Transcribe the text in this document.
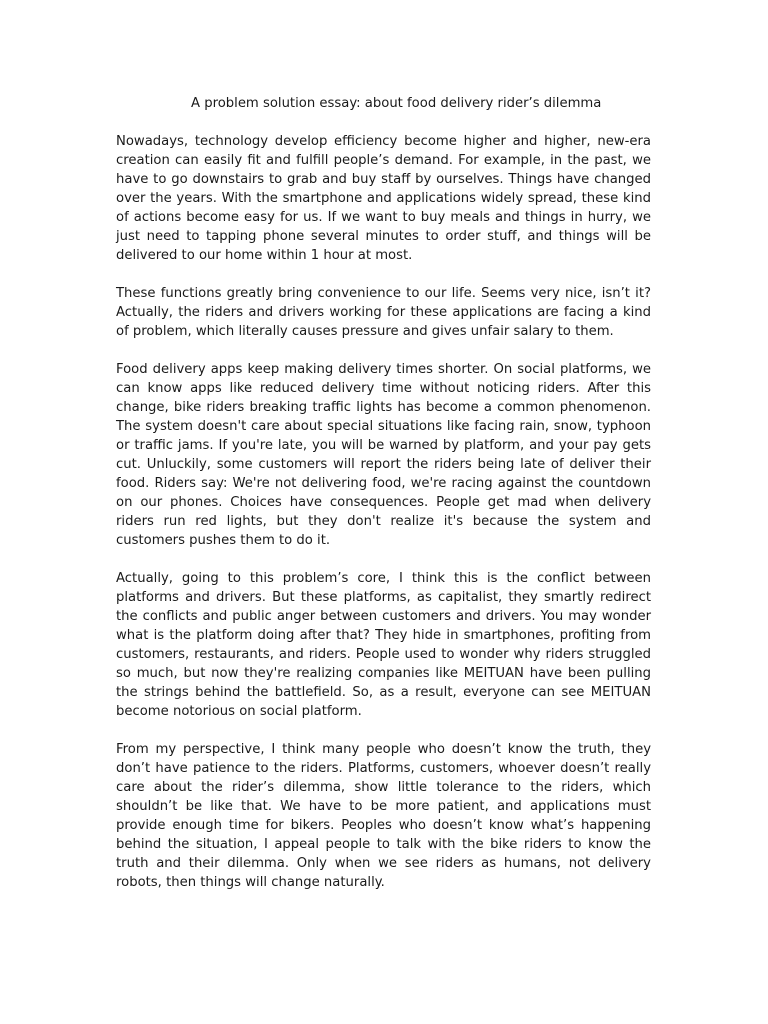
A problem solution essay: about food delivery rider’s dilemma

Nowadays, technology develop efficiency become higher and higher, new-era creation can easily fit and fulfill people’s demand. For example, in the past, we have to go downstairs to grab and buy staff by ourselves. Things have changed over the years. With the smartphone and applications widely spread, these kind of actions become easy for us. If we want to buy meals and things in hurry, we just need to tapping phone several minutes to order stuff, and things will be delivered to our home within 1 hour at most.

These functions greatly bring convenience to our life. Seems very nice, isn’t it? Actually, the riders and drivers working for these applications are facing a kind of problem, which literally causes pressure and gives unfair salary to them.

Food delivery apps keep making delivery times shorter. On social platforms, we can know apps like reduced delivery time without noticing riders. After this change, bike riders breaking traffic lights has become a common phenomenon. The system doesn't care about special situations like facing rain, snow, typhoon or traffic jams. If you're late, you will be warned by platform, and your pay gets cut. Unluckily, some customers will report the riders being late of deliver their food. Riders say: We're not delivering food, we're racing against the countdown on our phones. Choices have consequences. People get mad when delivery riders run red lights, but they don't realize it's because the system and customers pushes them to do it.

Actually, going to this problem’s core, I think this is the conflict between platforms and drivers. But these platforms, as capitalist, they smartly redirect the conflicts and public anger between customers and drivers. You may wonder what is the platform doing after that? They hide in smartphones, profiting from customers, restaurants, and riders. People used to wonder why riders struggled so much, but now they're realizing companies like MEITUAN have been pulling the strings behind the battlefield. So, as a result, everyone can see MEITUAN become notorious on social platform.

From my perspective, I think many people who doesn’t know the truth, they don’t have patience to the riders. Platforms, customers, whoever doesn’t really care about the rider’s dilemma, show little tolerance to the riders, which shouldn’t be like that. We have to be more patient, and applications must provide enough time for bikers. Peoples who doesn’t know what’s happening behind the situation, I appeal people to talk with the bike riders to know the truth and their dilemma. Only when we see riders as humans, not delivery robots, then things will change naturally.
